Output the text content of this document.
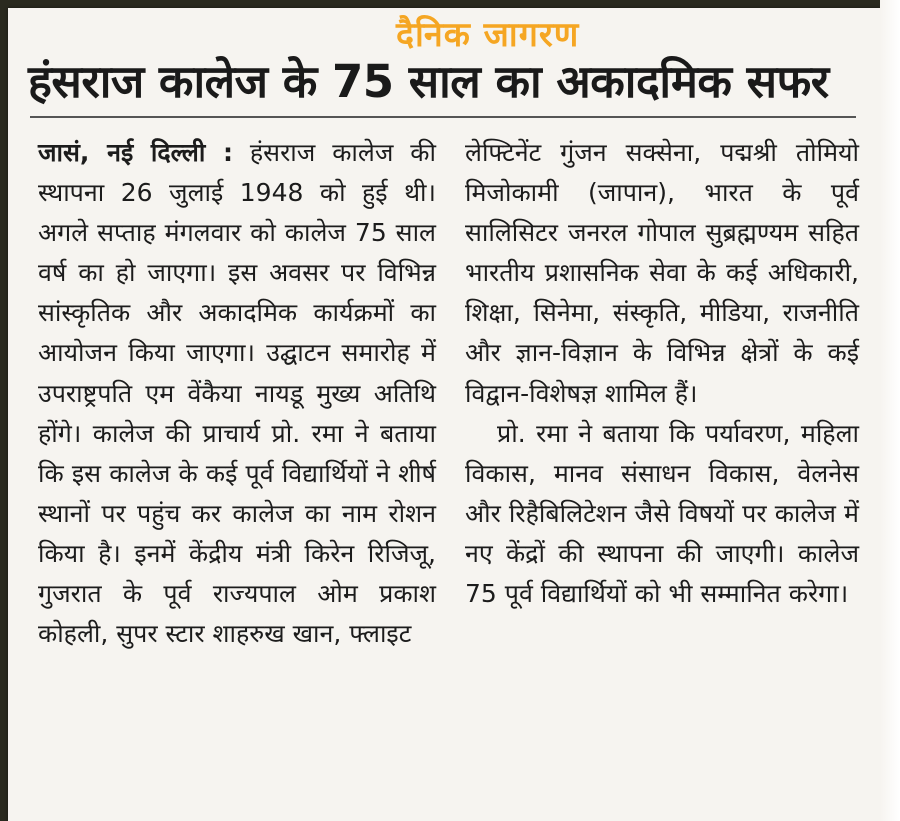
दैनिक जागरण
हंसराज कालेज के 75 साल का अकादमिक सफर

जासं, नई दिल्ली : हंसराज कालेज की स्थापना 26 जुलाई 1948 को हुई थी। अगले सप्ताह मंगलवार को कालेज 75 साल वर्ष का हो जाएगा। इस अवसर पर विभिन्न सांस्कृतिक और अकादमिक कार्यक्रमों का आयोजन किया जाएगा। उद्घाटन समारोह में उपराष्ट्रपति एम वेंकैया नायडू मुख्य अतिथि होंगे। कालेज की प्राचार्य प्रो. रमा ने बताया कि इस कालेज के कई पूर्व विद्यार्थियों ने शीर्ष स्थानों पर पहुंच कर कालेज का नाम रोशन किया है। इनमें केंद्रीय मंत्री किरेन रिजिजू, गुजरात के पूर्व राज्यपाल ओम प्रकाश कोहली, सुपर स्टार शाहरुख खान, फ्लाइट

लेफ्टिनेंट गुंजन सक्सेना, पद्मश्री तोमियो मिजोकामी (जापान), भारत के पूर्व सालिसिटर जनरल गोपाल सुब्रह्मण्यम सहित भारतीय प्रशासनिक सेवा के कई अधिकारी, शिक्षा, सिनेमा, संस्कृति, मीडिया, राजनीति और ज्ञान-विज्ञान के विभिन्न क्षेत्रों के कई विद्वान-विशेषज्ञ शामिल हैं।

प्रो. रमा ने बताया कि पर्यावरण, महिला विकास, मानव संसाधन विकास, वेलनेस और रिहैबिलिटेशन जैसे विषयों पर कालेज में नए केंद्रों की स्थापना की जाएगी। कालेज 75 पूर्व विद्यार्थियों को भी सम्मानित करेगा।
